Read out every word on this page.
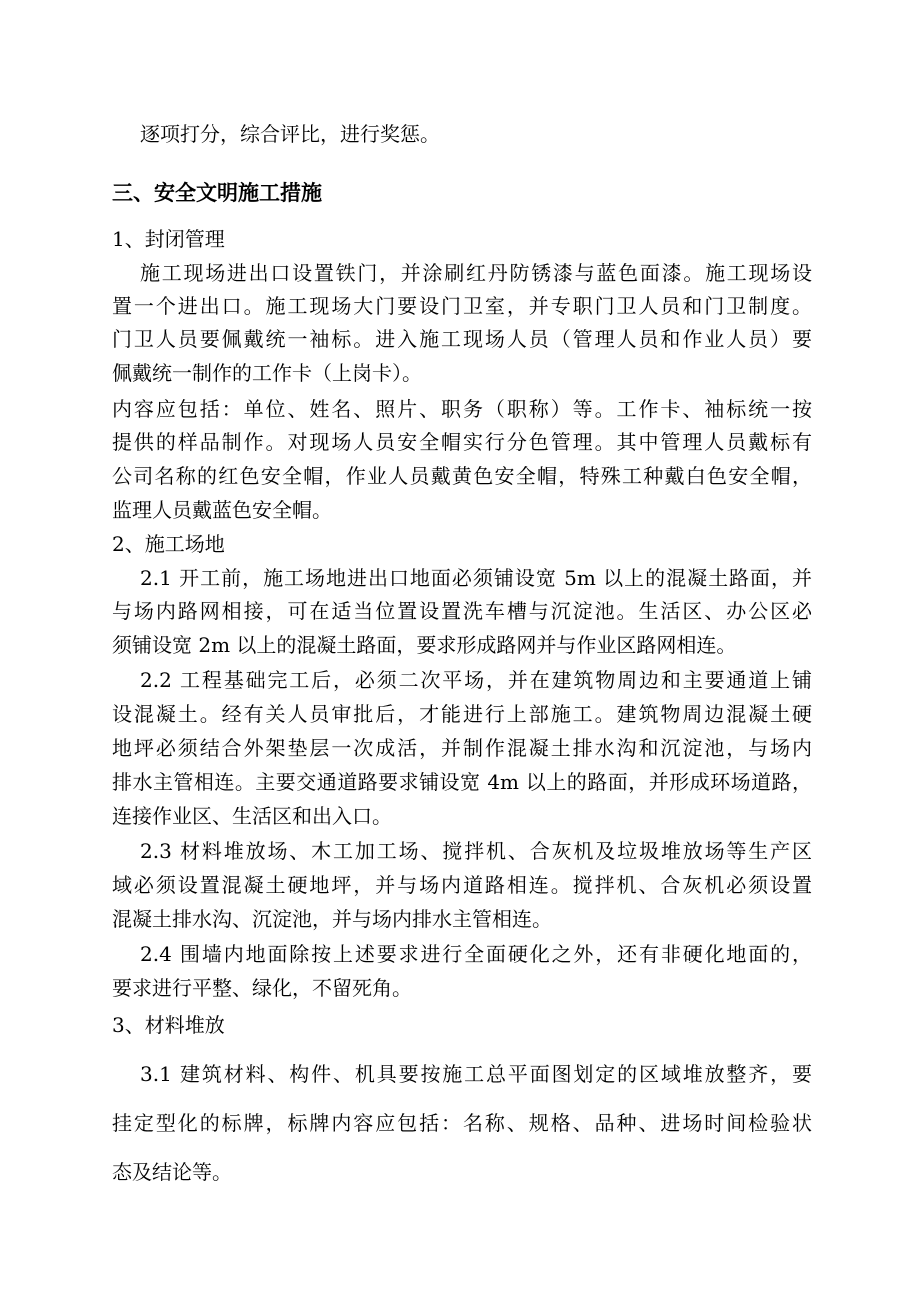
逐项打分，综合评比，进行奖惩。
三、安全文明施工措施
1、封闭管理
施工现场进出口设置铁门，并涂刷红丹防锈漆与蓝色面漆。施工现场设
置一个进出口。施工现场大门要设门卫室，并专职门卫人员和门卫制度。
门卫人员要佩戴统一袖标。进入施工现场人员（管理人员和作业人员）要
佩戴统一制作的工作卡（上岗卡）。
内容应包括：单位、姓名、照片、职务（职称）等。工作卡、袖标统一按
提供的样品制作。对现场人员安全帽实行分色管理。其中管理人员戴标有
公司名称的红色安全帽，作业人员戴黄色安全帽，特殊工种戴白色安全帽，
监理人员戴蓝色安全帽。
2、施工场地
2.1 开工前，施工场地进出口地面必须铺设宽 5m 以上的混凝土路面，并
与场内路网相接，可在适当位置设置洗车槽与沉淀池。生活区、办公区必
须铺设宽 2m 以上的混凝土路面，要求形成路网并与作业区路网相连。
2.2 工程基础完工后，必须二次平场，并在建筑物周边和主要通道上铺
设混凝土。经有关人员审批后，才能进行上部施工。建筑物周边混凝土硬
地坪必须结合外架垫层一次成活，并制作混凝土排水沟和沉淀池，与场内
排水主管相连。主要交通道路要求铺设宽 4m 以上的路面，并形成环场道路，
连接作业区、生活区和出入口。
2.3 材料堆放场、木工加工场、搅拌机、合灰机及垃圾堆放场等生产区
域必须设置混凝土硬地坪，并与场内道路相连。搅拌机、合灰机必须设置
混凝土排水沟、沉淀池，并与场内排水主管相连。
2.4 围墙内地面除按上述要求进行全面硬化之外，还有非硬化地面的，
要求进行平整、绿化，不留死角。
3、材料堆放
3.1 建筑材料、构件、机具要按施工总平面图划定的区域堆放整齐，要
挂定型化的标牌，标牌内容应包括：名称、规格、品种、进场时间检验状
态及结论等。
